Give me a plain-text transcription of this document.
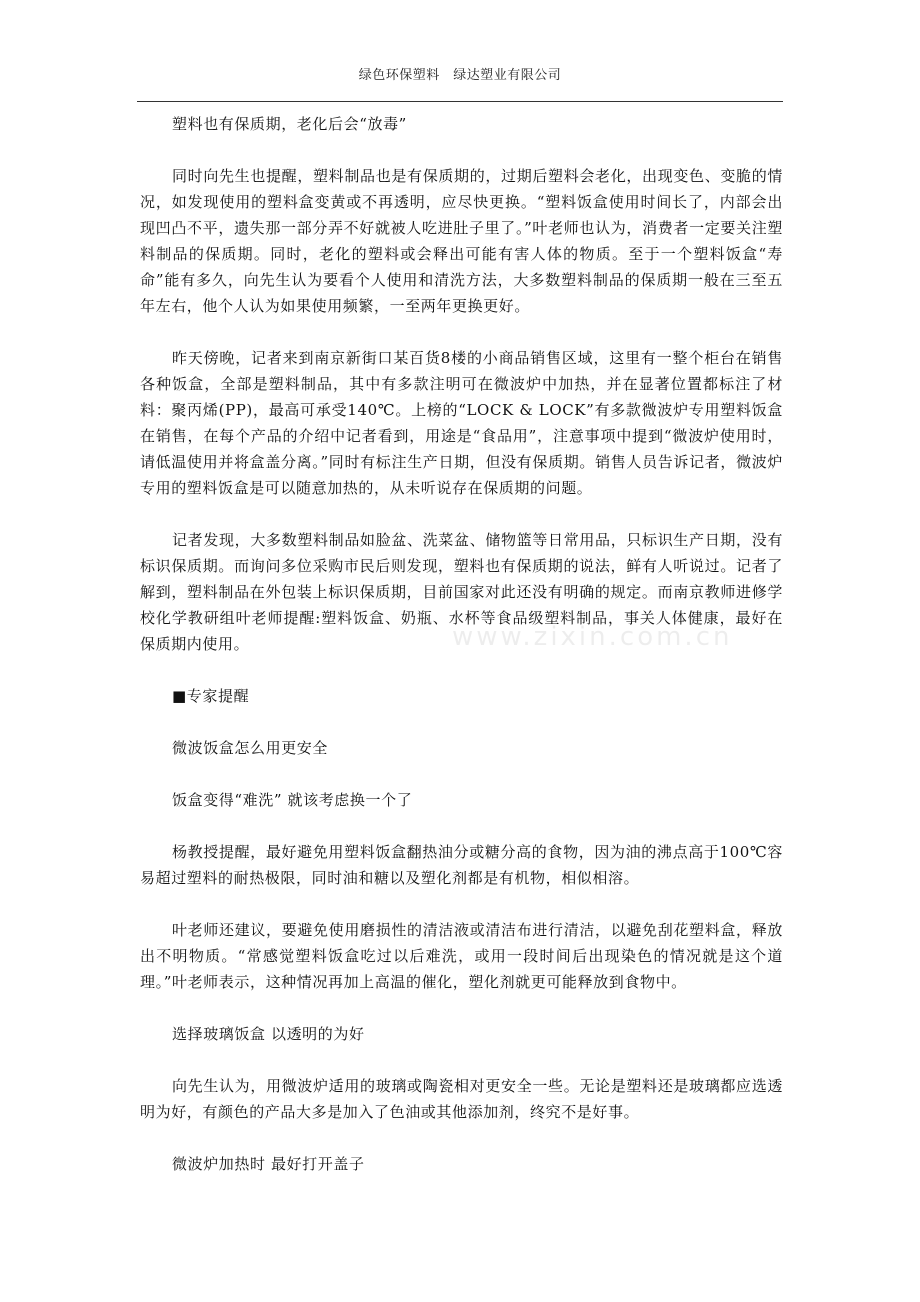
绿色环保塑料　绿达塑业有限公司

塑料也有保质期，老化后会“放毒”

同时向先生也提醒，塑料制品也是有保质期的，过期后塑料会老化，出现变色、变脆的情况，如发现使用的塑料盒变黄或不再透明，应尽快更换。“塑料饭盒使用时间长了，内部会出现凹凸不平，遗失那一部分弄不好就被人吃进肚子里了。”叶老师也认为，消费者一定要关注塑料制品的保质期。同时，老化的塑料或会释出可能有害人体的物质。至于一个塑料饭盒“寿命”能有多久，向先生认为要看个人使用和清洗方法，大多数塑料制品的保质期一般在三至五年左右，他个人认为如果使用频繁，一至两年更换更好。

昨天傍晚，记者来到南京新街口某百货8楼的小商品销售区域，这里有一整个柜台在销售各种饭盒，全部是塑料制品，其中有多款注明可在微波炉中加热，并在显著位置都标注了材料：聚丙烯(PP)，最高可承受140℃。上榜的“LOCK & LOCK”有多款微波炉专用塑料饭盒在销售，在每个产品的介绍中记者看到，用途是“食品用”，注意事项中提到“微波炉使用时，请低温使用并将盒盖分离。”同时有标注生产日期，但没有保质期。销售人员告诉记者，微波炉专用的塑料饭盒是可以随意加热的，从未听说存在保质期的问题。

记者发现，大多数塑料制品如脸盆、洗菜盆、储物篮等日常用品，只标识生产日期，没有标识保质期。而询问多位采购市民后则发现，塑料也有保质期的说法，鲜有人听说过。记者了解到，塑料制品在外包装上标识保质期，目前国家对此还没有明确的规定。而南京教师进修学校化学教研组叶老师提醒:塑料饭盒、奶瓶、水杯等食品级塑料制品，事关人体健康，最好在保质期内使用。

■专家提醒

微波饭盒怎么用更安全

饭盒变得“难洗” 就该考虑换一个了

杨教授提醒，最好避免用塑料饭盒翻热油分或糖分高的食物，因为油的沸点高于100℃容易超过塑料的耐热极限，同时油和糖以及塑化剂都是有机物，相似相溶。

叶老师还建议，要避免使用磨损性的清洁液或清洁布进行清洁，以避免刮花塑料盒，释放出不明物质。“常感觉塑料饭盒吃过以后难洗，或用一段时间后出现染色的情况就是这个道理。”叶老师表示，这种情况再加上高温的催化，塑化剂就更可能释放到食物中。

选择玻璃饭盒 以透明的为好

向先生认为，用微波炉适用的玻璃或陶瓷相对更安全一些。无论是塑料还是玻璃都应选透明为好，有颜色的产品大多是加入了色油或其他添加剂，终究不是好事。

微波炉加热时 最好打开盖子

www.zixin.com.cn
